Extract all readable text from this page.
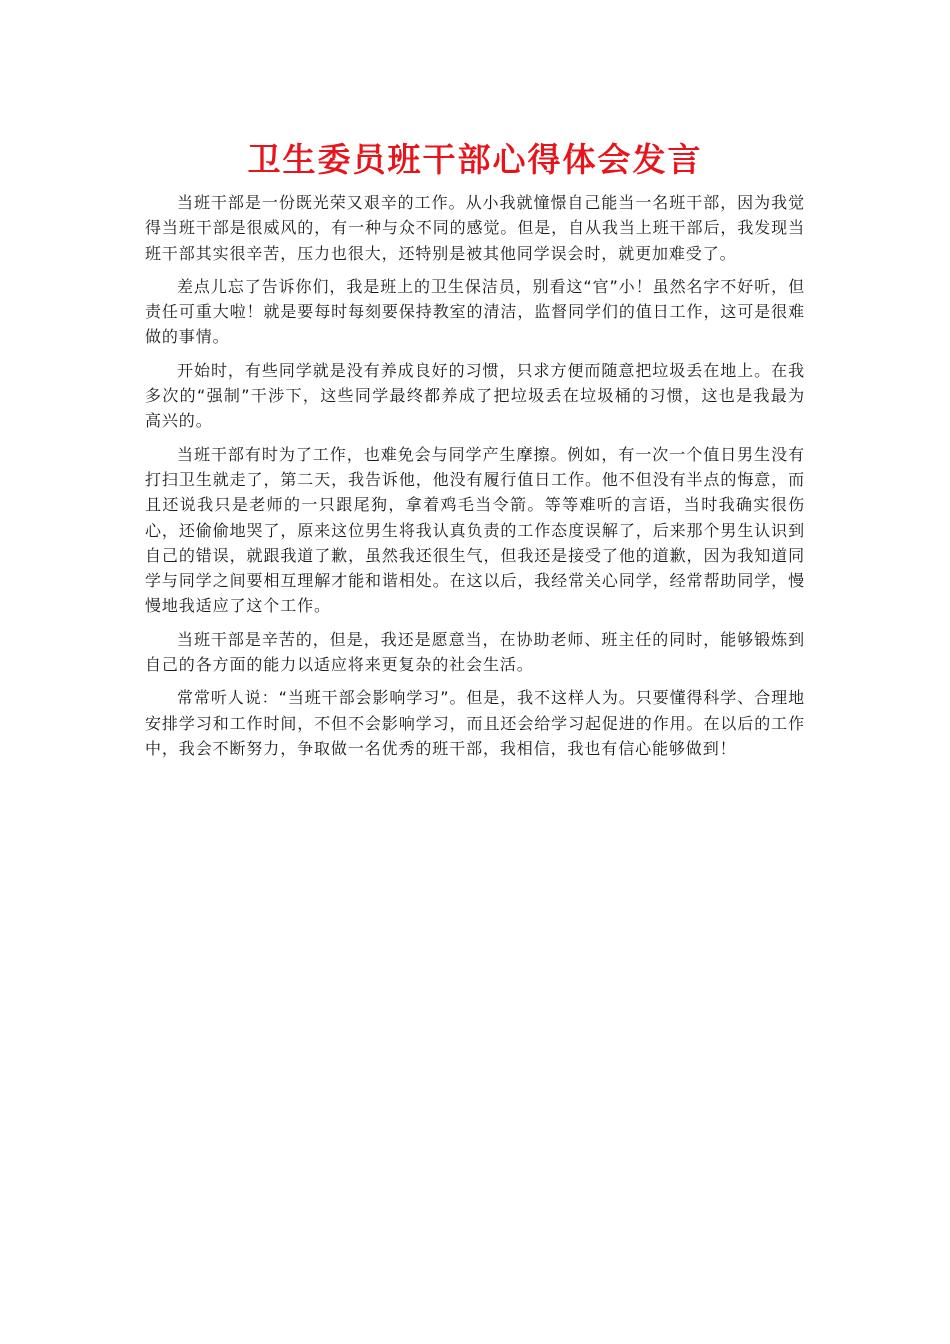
卫生委员班干部心得体会发言

当班干部是一份既光荣又艰辛的工作。从小我就憧憬自己能当一名班干部，因为我觉得当班干部是很威风的，有一种与众不同的感觉。但是，自从我当上班干部后，我发现当班干部其实很辛苦，压力也很大，还特别是被其他同学误会时，就更加难受了。

差点儿忘了告诉你们，我是班上的卫生保洁员，别看这“官”小！虽然名字不好听，但责任可重大啦！就是要每时每刻要保持教室的清洁，监督同学们的值日工作，这可是很难做的事情。

开始时，有些同学就是没有养成良好的习惯，只求方便而随意把垃圾丢在地上。在我多次的“强制”干涉下，这些同学最终都养成了把垃圾丢在垃圾桶的习惯，这也是我最为高兴的。

当班干部有时为了工作，也难免会与同学产生摩擦。例如，有一次一个值日男生没有打扫卫生就走了，第二天，我告诉他，他没有履行值日工作。他不但没有半点的悔意，而且还说我只是老师的一只跟尾狗，拿着鸡毛当令箭。等等难听的言语，当时我确实很伤心，还偷偷地哭了，原来这位男生将我认真负责的工作态度误解了，后来那个男生认识到自己的错误，就跟我道了歉，虽然我还很生气，但我还是接受了他的道歉，因为我知道同学与同学之间要相互理解才能和谐相处。在这以后，我经常关心同学，经常帮助同学，慢慢地我适应了这个工作。

当班干部是辛苦的，但是，我还是愿意当，在协助老师、班主任的同时，能够锻炼到自己的各方面的能力以适应将来更复杂的社会生活。

常常听人说：“当班干部会影响学习”。但是，我不这样人为。只要懂得科学、合理地安排学习和工作时间，不但不会影响学习，而且还会给学习起促进的作用。在以后的工作中，我会不断努力，争取做一名优秀的班干部，我相信，我也有信心能够做到！
